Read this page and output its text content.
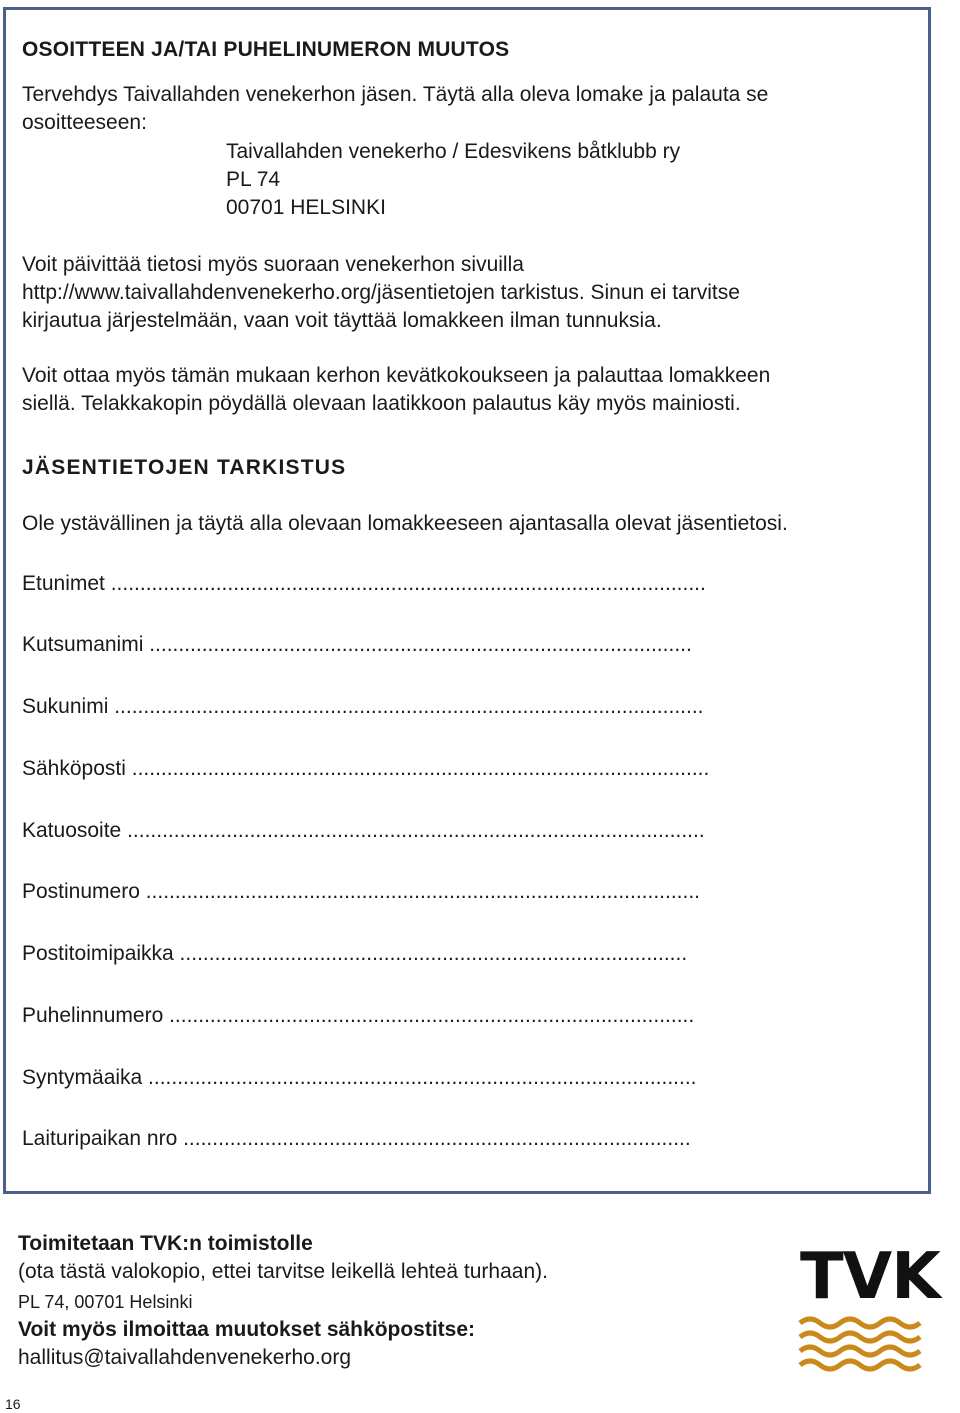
OSOITTEEN JA/TAI PUHELINUMERON MUUTOS
Tervehdys Taivallahden venekerhon jäsen. Täytä alla oleva lomake ja palauta se
osoitteeseen:
Taivallahden venekerho / Edesvikens båtklubb ry
PL 74
00701 HELSINKI
Voit päivittää tietosi myös suoraan venekerhon sivuilla
http://www.taivallahdenvenekerho.org/jäsentietojen tarkistus. Sinun ei tarvitse
kirjautua järjestelmään, vaan voit täyttää lomakkeen ilman tunnuksia.
Voit ottaa myös tämän mukaan kerhon kevätkokoukseen ja palauttaa lomakkeen
siellä. Telakkakopin pöydällä olevaan laatikkoon palautus käy myös mainiosti.
JÄSENTIETOJEN TARKISTUS
Ole ystävällinen ja täytä alla olevaan lomakkeeseen ajantasalla olevat jäsentietosi.
Etunimet ......................................................................................................
Kutsumanimi .............................................................................................
Sukunimi .....................................................................................................
Sähköposti ...................................................................................................
Katuosoite ...................................................................................................
Postinumero ...............................................................................................
Postitoimipaikka .......................................................................................
Puhelinnumero ..........................................................................................
Syntymäaika ..............................................................................................
Laituripaikan nro .......................................................................................
Toimitetaan TVK:n toimistolle
(ota tästä valokopio, ettei tarvitse leikellä lehteä turhaan).
PL 74, 00701 Helsinki
Voit myös ilmoittaa muutokset sähköpostitse:
hallitus@taivallahdenvenekerho.org
TVK
16
